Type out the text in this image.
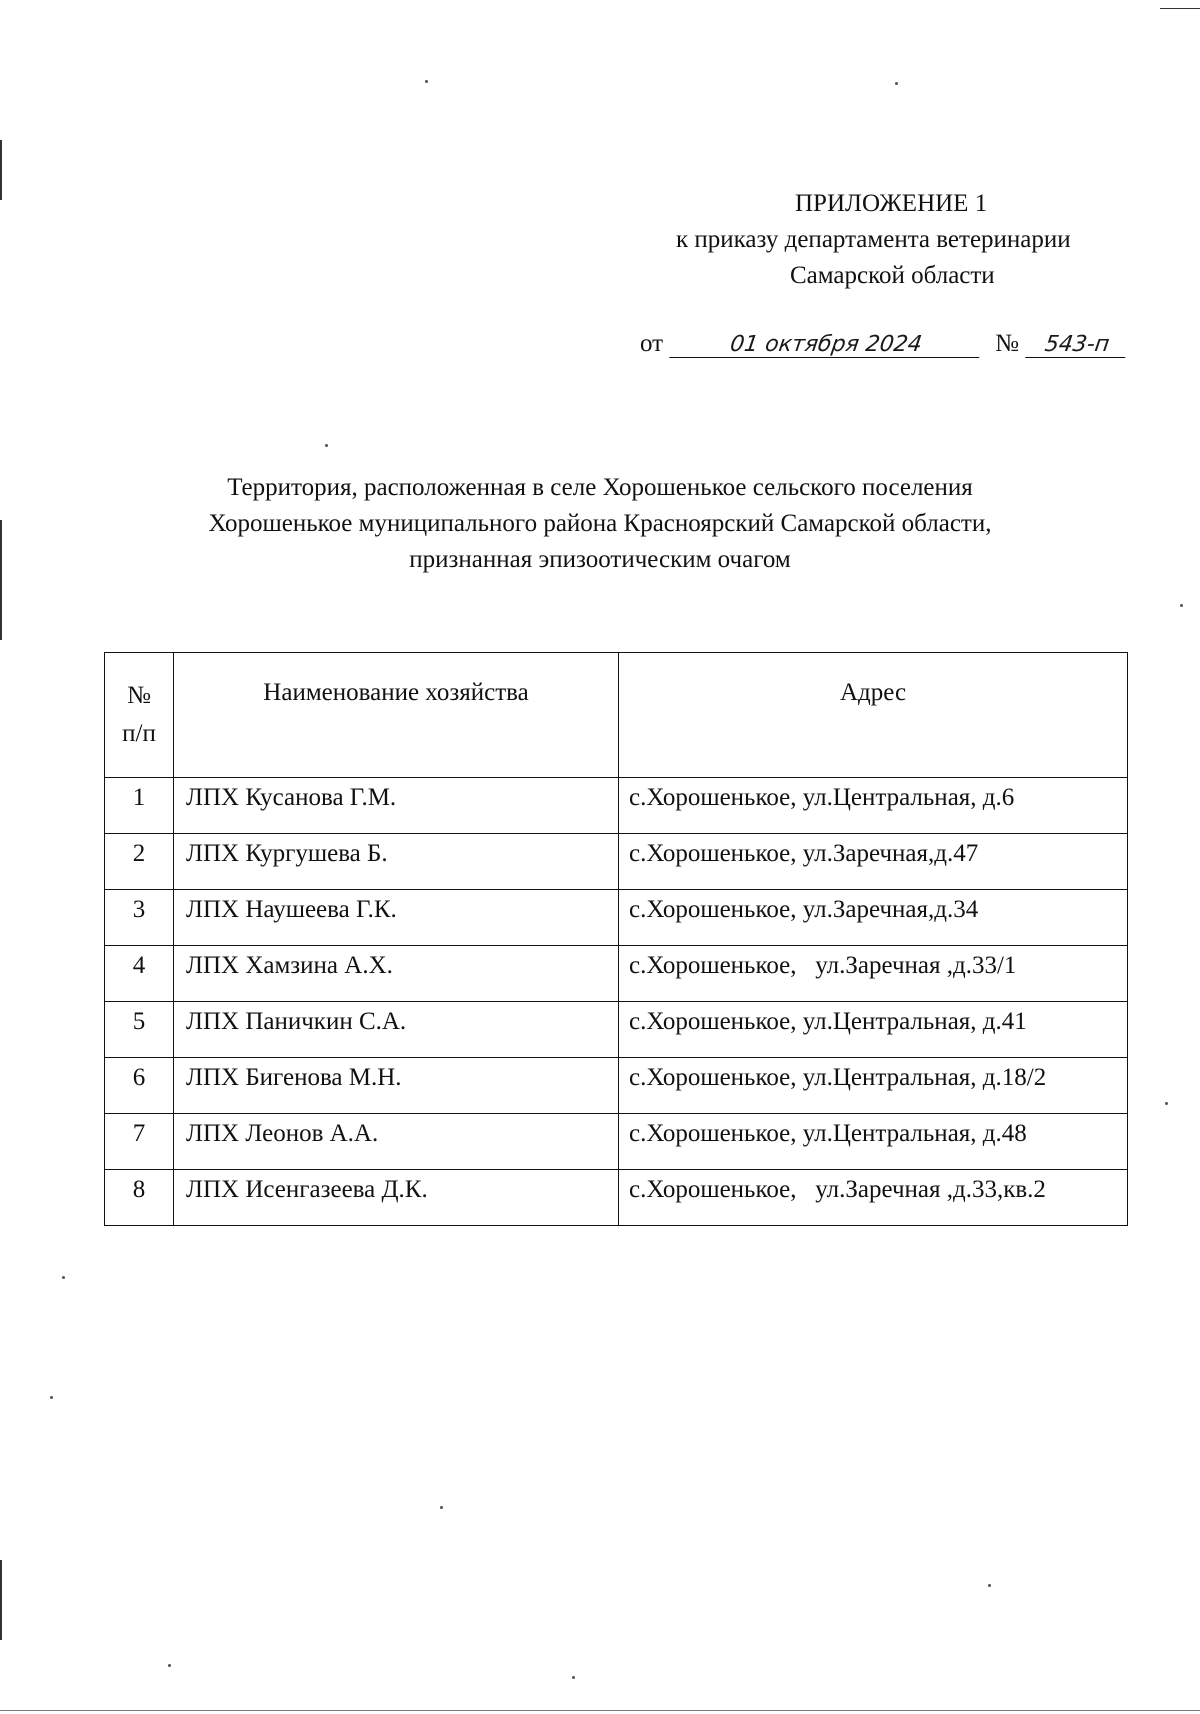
ПРИЛОЖЕНИЕ 1
к приказу департамента ветеринарии
Самарской области
от	01 октября 2024	№ 543-п
Территория, расположенная в селе Хорошенькое сельского поселения
Хорошенькое муниципального района Красноярский Самарской области,
признанная эпизоотическим очагом
№
п/п	Наименование хозяйства	Адрес
1	ЛПХ Кусанова Г.М.	с.Хорошенькое, ул.Центральная, д.6
2	ЛПХ Кургушева Б.	с.Хорошенькое, ул.Заречная,д.47
3	ЛПХ Наушеева Г.К.	с.Хорошенькое, ул.Заречная,д.34
4	ЛПХ Хамзина А.Х.	с.Хорошенькое,   ул.Заречная ,д.33/1
5	ЛПХ Паничкин С.А.	с.Хорошенькое, ул.Центральная, д.41
6	ЛПХ Бигенова М.Н.	с.Хорошенькое, ул.Центральная, д.18/2
7	ЛПХ Леонов А.А.	с.Хорошенькое, ул.Центральная, д.48
8	ЛПХ Исенгазеева Д.К.	с.Хорошенькое,   ул.Заречная ,д.33,кв.2
